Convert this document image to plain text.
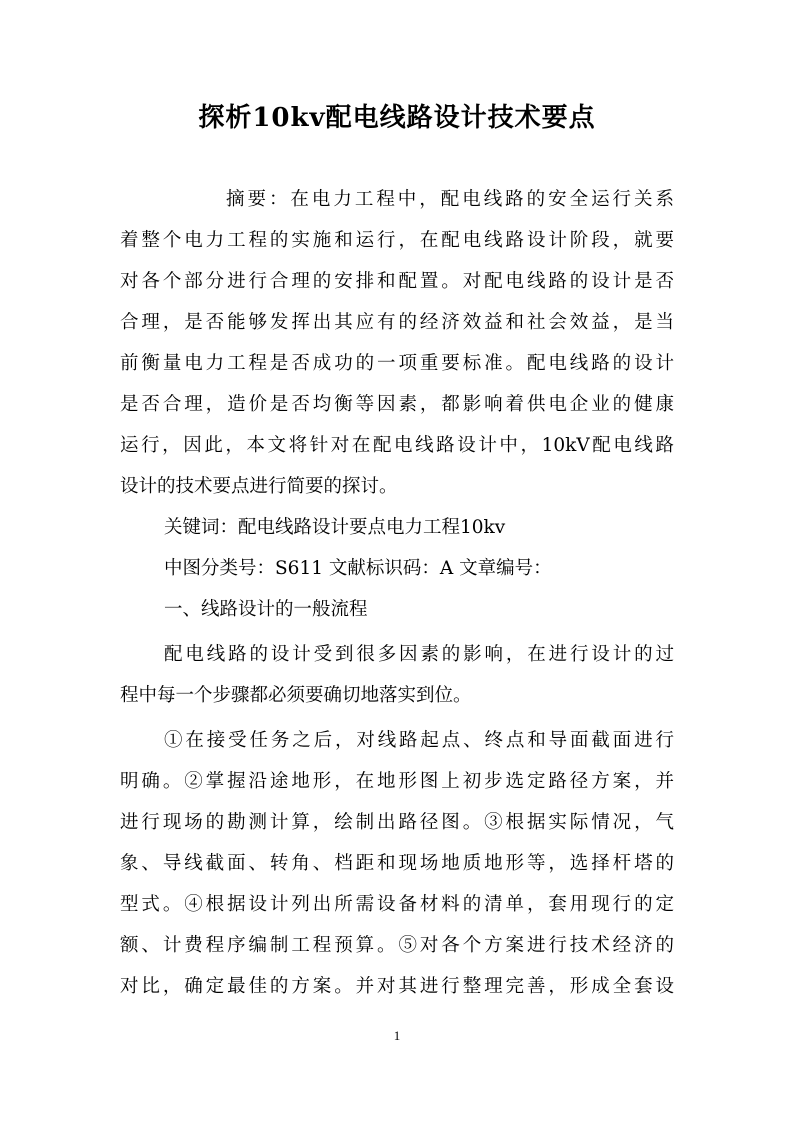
探析10kv配电线路设计技术要点
摘要：在电力工程中，配电线路的安全运行关系
着整个电力工程的实施和运行，在配电线路设计阶段，就要
对各个部分进行合理的安排和配置。对配电线路的设计是否
合理，是否能够发挥出其应有的经济效益和社会效益，是当
前衡量电力工程是否成功的一项重要标准。配电线路的设计
是否合理，造价是否均衡等因素，都影响着供电企业的健康
运行，因此，本文将针对在配电线路设计中，10kV配电线路
设计的技术要点进行简要的探讨。
关键词：配电线路设计要点电力工程10kv
中图分类号：S611 文献标识码：A 文章编号：
一、线路设计的一般流程
配电线路的设计受到很多因素的影响，在进行设计的过
程中每一个步骤都必须要确切地落实到位。
①在接受任务之后，对线路起点、终点和导面截面进行
明确。②掌握沿途地形，在地形图上初步选定路径方案，并
进行现场的勘测计算，绘制出路径图。③根据实际情况，气
象、导线截面、转角、档距和现场地质地形等，选择杆塔的
型式。④根据设计列出所需设备材料的清单，套用现行的定
额、计费程序编制工程预算。⑤对各个方案进行技术经济的
对比，确定最佳的方案。并对其进行整理完善，形成全套设
1
